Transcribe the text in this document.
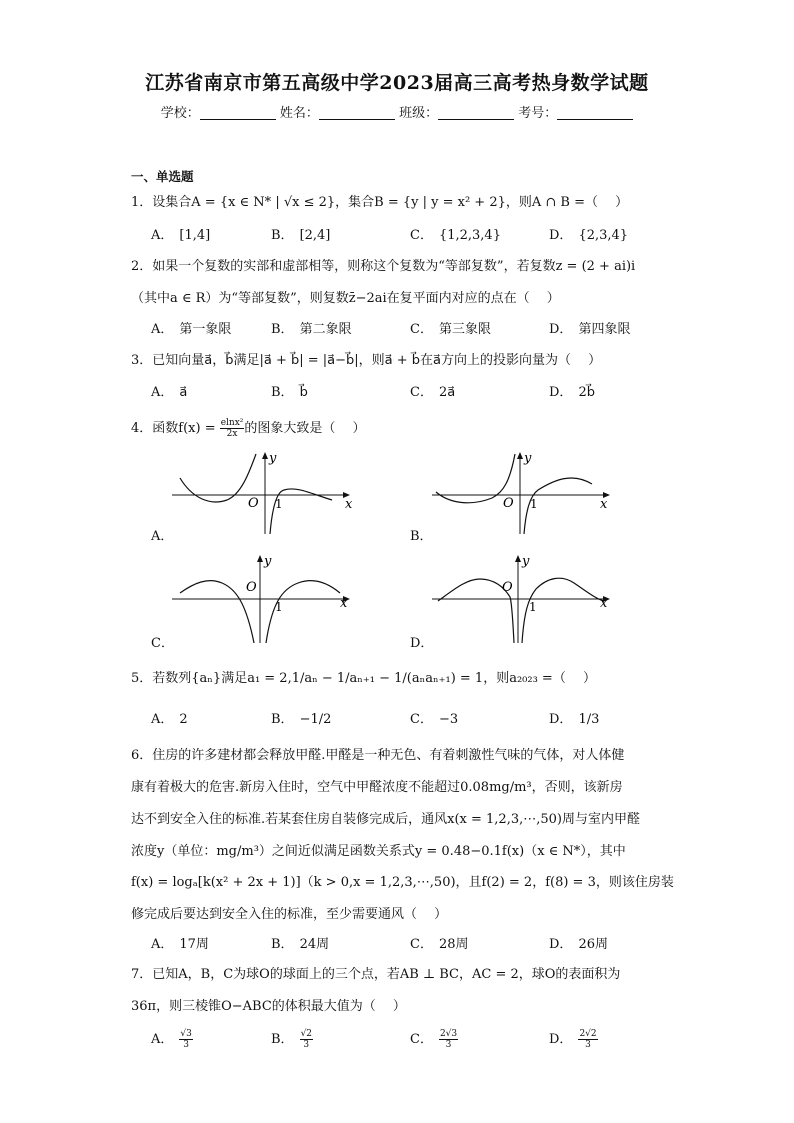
江苏省南京市第五高级中学2023届高三高考热身数学试题
学校：	姓名：	班级：	考号：
一、单选题
1．设集合A = {x ∈ N* | √x ≤ 2}，集合B = {y | y = x² + 2}，则A ∩ B =（　 ）
A． [1,4]	B． [2,4]	C． {1,2,3,4}	D． {2,3,4}
2．如果一个复数的实部和虚部相等，则称这个复数为“等部复数”，若复数z = (2 + ai)i
（其中a ∈ R）为“等部复数”，则复数z̄−2ai在复平面内对应的点在（　 ）
A． 第一象限	B． 第二象限	C． 第三象限	D． 第四象限
3．已知向量a⃗，b⃗满足|a⃗ + b⃗| = |a⃗−b⃗|，则a⃗ + b⃗在a⃗方向上的投影向量为（　 ）
A． a⃗	B． b⃗	C． 2a⃗	D． 2b⃗
4．函数$f(x) = \frac{\text{elnx²}}{2x}$ 的图象大致是（　 ）
x
y
O 1
A．
x
y
O 1
B．
x
y
O
1
C．
x
y
O
1
D．
5．若数列{aₙ}满足a₁ = 2,1/aₙ − 1/aₙ₊₁ − 1/(aₙaₙ₊₁) = 1，则a₂₀₂₃ =（　 ）
A． 2	B． −1/2	C． −3	D． 1/3
6．住房的许多建材都会释放甲醛.甲醛是一种无色、有着刺激性气味的气体，对人体健
康有着极大的危害.新房入住时，空气中甲醛浓度不能超过0.08mg/m³，否则，该新房
达不到安全入住的标准.若某套住房自装修完成后，通风x(x = 1,2,3,⋯,50)周与室内甲醛
浓度y（单位：mg/m³）之间近似满足函数关系式y = 0.48−0.1f(x)（x ∈ N*），其中
f(x) = logₐ[k(x² + 2x + 1)]（k > 0,x = 1,2,3,⋯,50)，且f(2) = 2，f(8) = 3，则该住房装
修完成后要达到安全入住的标准，至少需要通风（　 ）
A． 17周	B． 24周	C． 28周	D． 26周
7．已知A，B，C为球O的球面上的三个点，若AB ⊥ BC，AC = 2，球O的表面积为
36π，则三棱锥O−ABC的体积最大值为（　 ）
A． $\frac{√3}{3}$	B． $\frac{√2}{3}$	C． $\frac{2√3}{3}$	D． $\frac{2√2}{3}$
